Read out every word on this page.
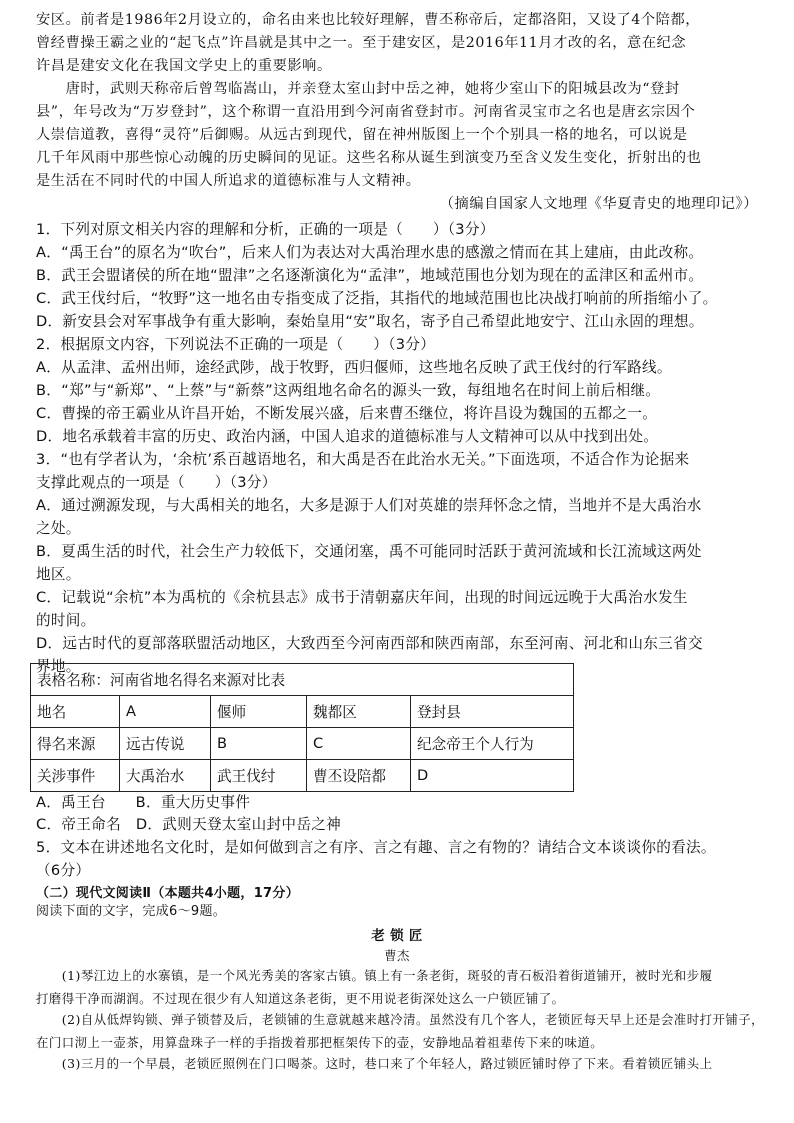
安区。前者是1986年2月设立的，命名由来也比较好理解，曹丕称帝后，定都洛阳，又设了4个陪都，

曾经曹操王霸之业的“起飞点”许昌就是其中之一。至于建安区，是2016年11月才改的名，意在纪念

许昌是建安文化在我国文学史上的重要影响。

　　唐时，武则天称帝后曾驾临嵩山，并亲登太室山封中岳之神，她将少室山下的阳城县改为“登封

县”，年号改为“万岁登封”，这个称谓一直沿用到今河南省登封市。河南省灵宝市之名也是唐玄宗因个

人崇信道教，喜得“灵符”后御赐。从远古到现代，留在神州版图上一个个别具一格的地名，可以说是

几千年风雨中那些惊心动魄的历史瞬间的见证。这些名称从诞生到演变乃至含义发生变化，折射出的也

是生活在不同时代的中国人所追求的道德标准与人文精神。

（摘编自国家人文地理《华夏青史的地理印记》）

1．下列对原文相关内容的理解和分析，正确的一项是（　　）（3分）

A．“禹王台”的原名为“吹台”，后来人们为表达对大禹治理水患的感激之情而在其上建庙，由此改称。

B．武王会盟诸侯的所在地“盟津”之名逐渐演化为“孟津”，地域范围也分划为现在的孟津区和孟州市。

C．武王伐纣后，“牧野”这一地名由专指变成了泛指，其指代的地域范围也比决战打响前的所指缩小了。

D．新安县会对军事战争有重大影响，秦始皇用“安”取名，寄予自己希望此地安宁、江山永固的理想。

2．根据原文内容，下列说法不正确的一项是（　　）（3分）

A．从孟津、孟州出师，途经武陟，战于牧野，西归偃师，这些地名反映了武王伐纣的行军路线。

B．“郑”与“新郑”、“上蔡”与“新蔡”这两组地名命名的源头一致，每组地名在时间上前后相继。

C．曹操的帝王霸业从许昌开始，不断发展兴盛，后来曹丕继位，将许昌设为魏国的五都之一。

D．地名承载着丰富的历史、政治内涵，中国人追求的道德标准与人文精神可以从中找到出处。

3．“也有学者认为，‘余杭’系百越语地名，和大禹是否在此治水无关。”下面选项，不适合作为论据来

支撑此观点的一项是（　　）（3分）

A．通过溯源发现，与大禹相关的地名，大多是源于人们对英雄的崇拜怀念之情，当地并不是大禹治水

之处。

B．夏禹生活的时代，社会生产力较低下，交通闭塞，禹不可能同时活跃于黄河流域和长江流域这两处

地区。

C．记载说“余杭”本为禹杭的《余杭县志》成书于清朝嘉庆年间，出现的时间远远晚于大禹治水发生

的时间。

D．远古时代的夏部落联盟活动地区，大致西至今河南西部和陕西南部，东至河南、河北和山东三省交

界地。

表格名称：河南省地名得名来源对比表				
地名	A	偃师	魏都区	登封县
得名来源	远古传说	B	C	纪念帝王个人行为
关涉事件	大禹治水	武王伐纣	曹丕设陪都	D

A．禹王台　　B．重大历史事件

C．帝王命名　D．武则天登太室山封中岳之神

5．文本在讲述地名文化时，是如何做到言之有序、言之有趣、言之有物的？请结合文本谈谈你的看法。

（6分）

（二）现代文阅读Ⅱ（本题共4小题，17分）

阅读下面的文字，完成6～9题。

老 锁 匠

曹杰

　　(1)琴江边上的水寨镇，是一个风光秀美的客家古镇。镇上有一条老街，斑驳的青石板沿着街道铺开，被时光和步履

打磨得干净而湖润。不过现在很少有人知道这条老街，更不用说老街深处这么一户锁匠铺了。

　　(2)自从低焊钩锁、弹子锁替及后，老锁铺的生意就越来越冷清。虽然没有几个客人，老锁匠每天早上还是会准时打开铺子，

在门口沏上一壶茶，用算盘珠子一样的手指拨着那把框架传下的壶，安静地品着祖辈传下来的味道。

　　(3)三月的一个早晨，老锁匠照例在门口喝茶。这时，巷口来了个年轻人，路过锁匠铺时停了下来。看着锁匠铺头上
